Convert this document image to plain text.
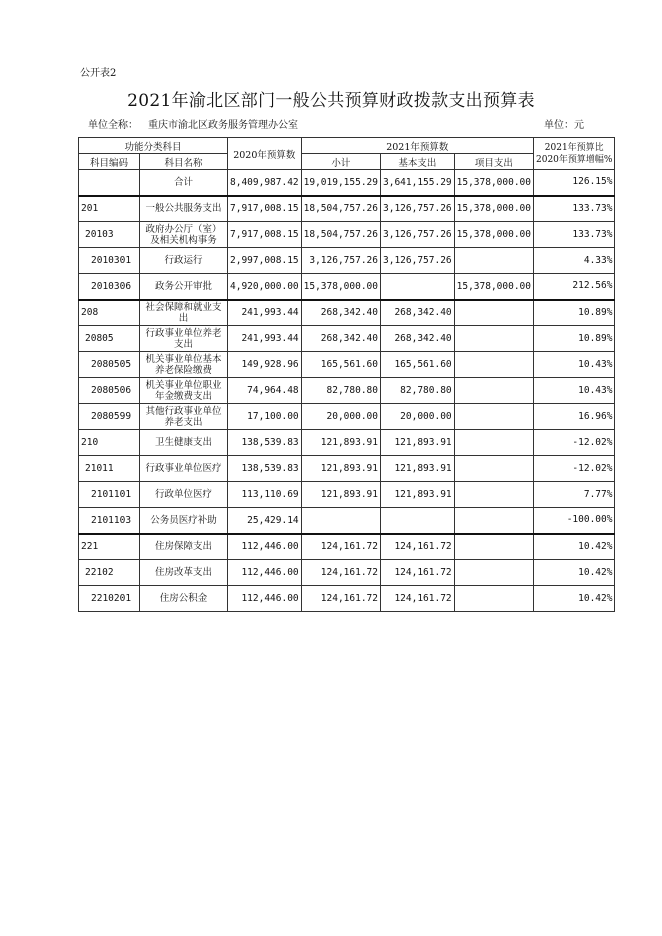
公开表2
2021年渝北区部门一般公共预算财政拨款支出预算表
单位全称： 重庆市渝北区政务服务管理办公室	单位：元
功能分类科目		2020年预算数	2021年预算数			2021年预算比
2020年预算增幅%

科目编码	科目名称		小计	基本支出	项目支出	
	合计	8,409,987.42	19,019,155.29	3,641,155.29	15,378,000.00	126.15%
201	一般公共服务支出	7,917,008.15	18,504,757.26	3,126,757.26	15,378,000.00	133.73%
20103	政府办公厅（室）及相关机构事务	7,917,008.15	18,504,757.26	3,126,757.26	15,378,000.00	133.73%
2010301	行政运行	2,997,008.15	3,126,757.26	3,126,757.26		4.33%
2010306	政务公开审批	4,920,000.00	15,378,000.00		15,378,000.00	212.56%
208	社会保障和就业支出	241,993.44	268,342.40	268,342.40		10.89%
20805	行政事业单位养老支出	241,993.44	268,342.40	268,342.40		10.89%
2080505	机关事业单位基本养老保险缴费	149,928.96	165,561.60	165,561.60		10.43%
2080506	机关事业单位职业年金缴费支出	74,964.48	82,780.80	82,780.80		10.43%
2080599	其他行政事业单位养老支出	17,100.00	20,000.00	20,000.00		16.96%
210	卫生健康支出	138,539.83	121,893.91	121,893.91		-12.02%
21011	行政事业单位医疗	138,539.83	121,893.91	121,893.91		-12.02%
2101101	行政单位医疗	113,110.69	121,893.91	121,893.91		7.77%
2101103	公务员医疗补助	25,429.14				-100.00%
221	住房保障支出	112,446.00	124,161.72	124,161.72		10.42%
22102	住房改革支出	112,446.00	124,161.72	124,161.72		10.42%
2210201	住房公积金	112,446.00	124,161.72	124,161.72		10.42%
